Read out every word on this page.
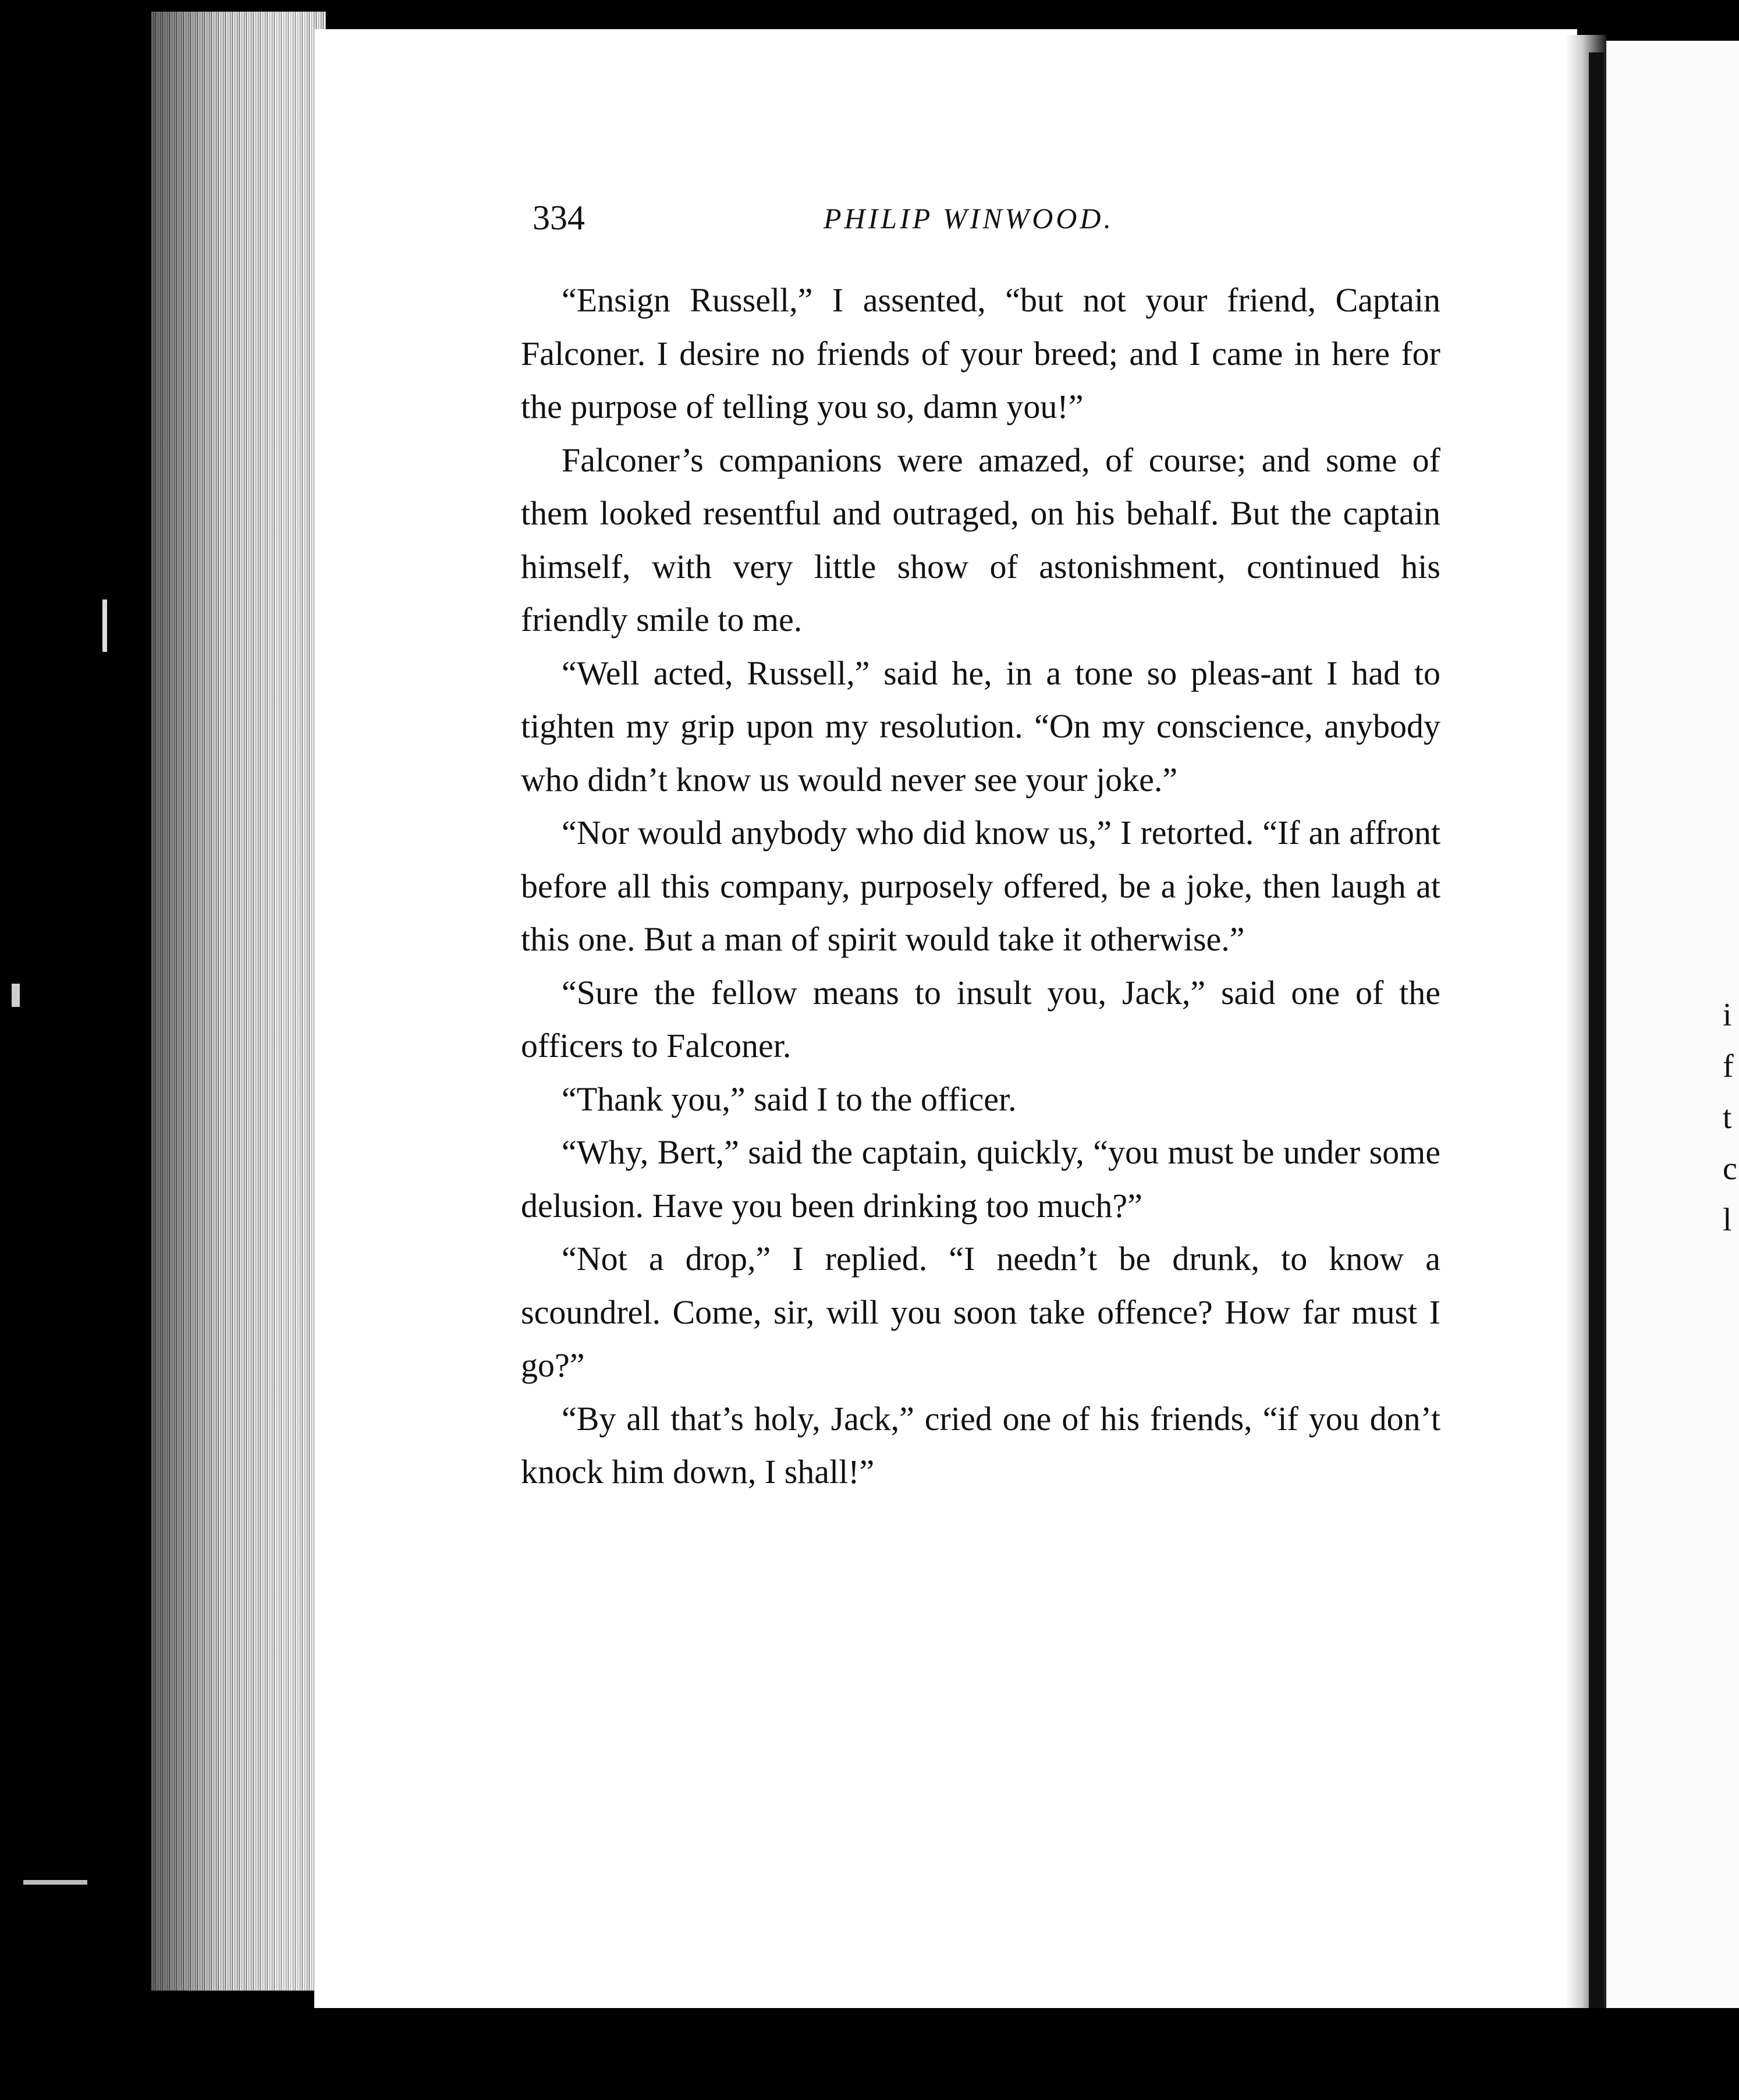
i
f
t
c
l
334	PHILIP WINWOOD.

“Ensign Russell,” I assented, “but not your friend, Captain Falconer. I desire no friends of your breed; and I came in here for the purpose of telling you so, damn you!”

Falconer’s companions were amazed, of course; and some of them looked resentful and outraged, on his behalf. But the captain himself, with very little show of astonishment, continued his friendly smile to me.

“Well acted, Russell,” said he, in a tone so pleas-ant I had to tighten my grip upon my resolution. “On my conscience, anybody who didn’t know us would never see your joke.”

“Nor would anybody who did know us,” I retorted. “If an affront before all this company, purposely offered, be a joke, then laugh at this one. But a man of spirit would take it otherwise.”

“Sure the fellow means to insult you, Jack,” said one of the officers to Falconer.

“Thank you,” said I to the officer.

“Why, Bert,” said the captain, quickly, “you must be under some delusion. Have you been drinking too much?”

“Not a drop,” I replied. “I needn’t be drunk, to know a scoundrel. Come, sir, will you soon take offence? How far must I go?”

“By all that’s holy, Jack,” cried one of his friends, “if you don’t knock him down, I shall!”
